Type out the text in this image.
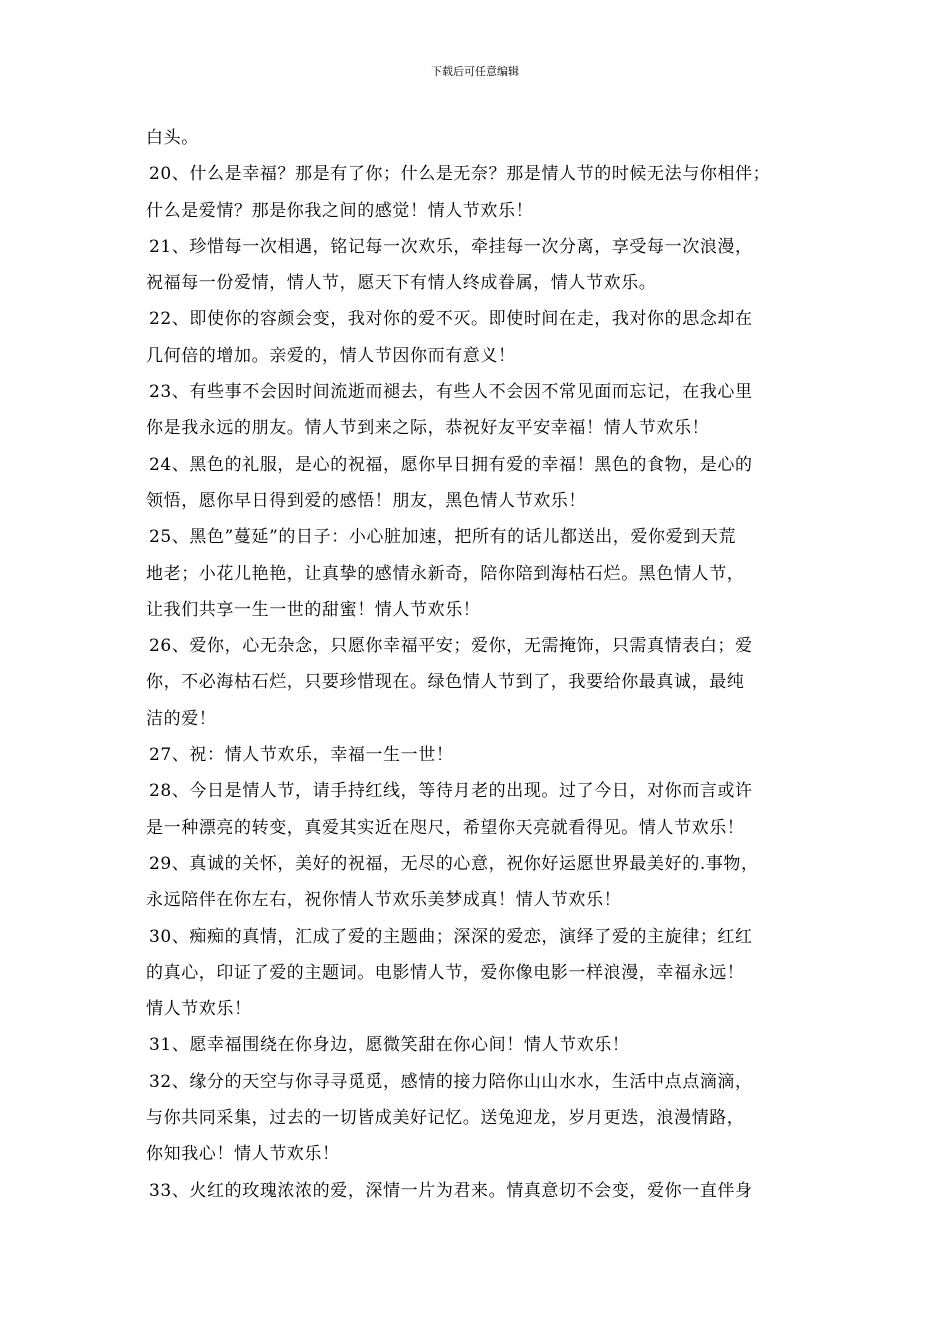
下载后可任意编辑
白头。
20、什么是幸福？那是有了你；什么是无奈？那是情人节的时候无法与你相伴；
什么是爱情？那是你我之间的感觉！情人节欢乐！
21、珍惜每一次相遇，铭记每一次欢乐，牵挂每一次分离，享受每一次浪漫，
祝福每一份爱情，情人节，愿天下有情人终成眷属，情人节欢乐。
22、即使你的容颜会变，我对你的爱不灭。即使时间在走，我对你的思念却在
几何倍的增加。亲爱的，情人节因你而有意义！
23、有些事不会因时间流逝而褪去，有些人不会因不常见面而忘记，在我心里
你是我永远的朋友。情人节到来之际，恭祝好友平安幸福！情人节欢乐！
24、黑色的礼服，是心的祝福，愿你早日拥有爱的幸福！黑色的食物，是心的
领悟，愿你早日得到爱的感悟！朋友，黑色情人节欢乐！
25、黑色”蔓延”的日子：小心脏加速，把所有的话儿都送出，爱你爱到天荒
地老；小花儿艳艳，让真挚的感情永新奇，陪你陪到海枯石烂。黑色情人节，
让我们共享一生一世的甜蜜！情人节欢乐！
26、爱你，心无杂念，只愿你幸福平安；爱你，无需掩饰，只需真情表白；爱
你，不必海枯石烂，只要珍惜现在。绿色情人节到了，我要给你最真诚，最纯
洁的爱！
27、祝：情人节欢乐，幸福一生一世！
28、今日是情人节，请手持红线，等待月老的出现。过了今日，对你而言或许
是一种漂亮的转变，真爱其实近在咫尺，希望你天亮就看得见。情人节欢乐！
29、真诚的关怀，美好的祝福，无尽的心意，祝你好运愿世界最美好的.事物，
永远陪伴在你左右，祝你情人节欢乐美梦成真！情人节欢乐！
30、痴痴的真情，汇成了爱的主题曲；深深的爱恋，演绎了爱的主旋律；红红
的真心，印证了爱的主题词。电影情人节，爱你像电影一样浪漫，幸福永远！
情人节欢乐！
31、愿幸福围绕在你身边，愿微笑甜在你心间！情人节欢乐！
32、缘分的天空与你寻寻觅觅，感情的接力陪你山山水水，生活中点点滴滴，
与你共同采集，过去的一切皆成美好记忆。送兔迎龙，岁月更迭，浪漫情路，
你知我心！情人节欢乐！
33、火红的玫瑰浓浓的爱，深情一片为君来。情真意切不会变，爱你一直伴身
